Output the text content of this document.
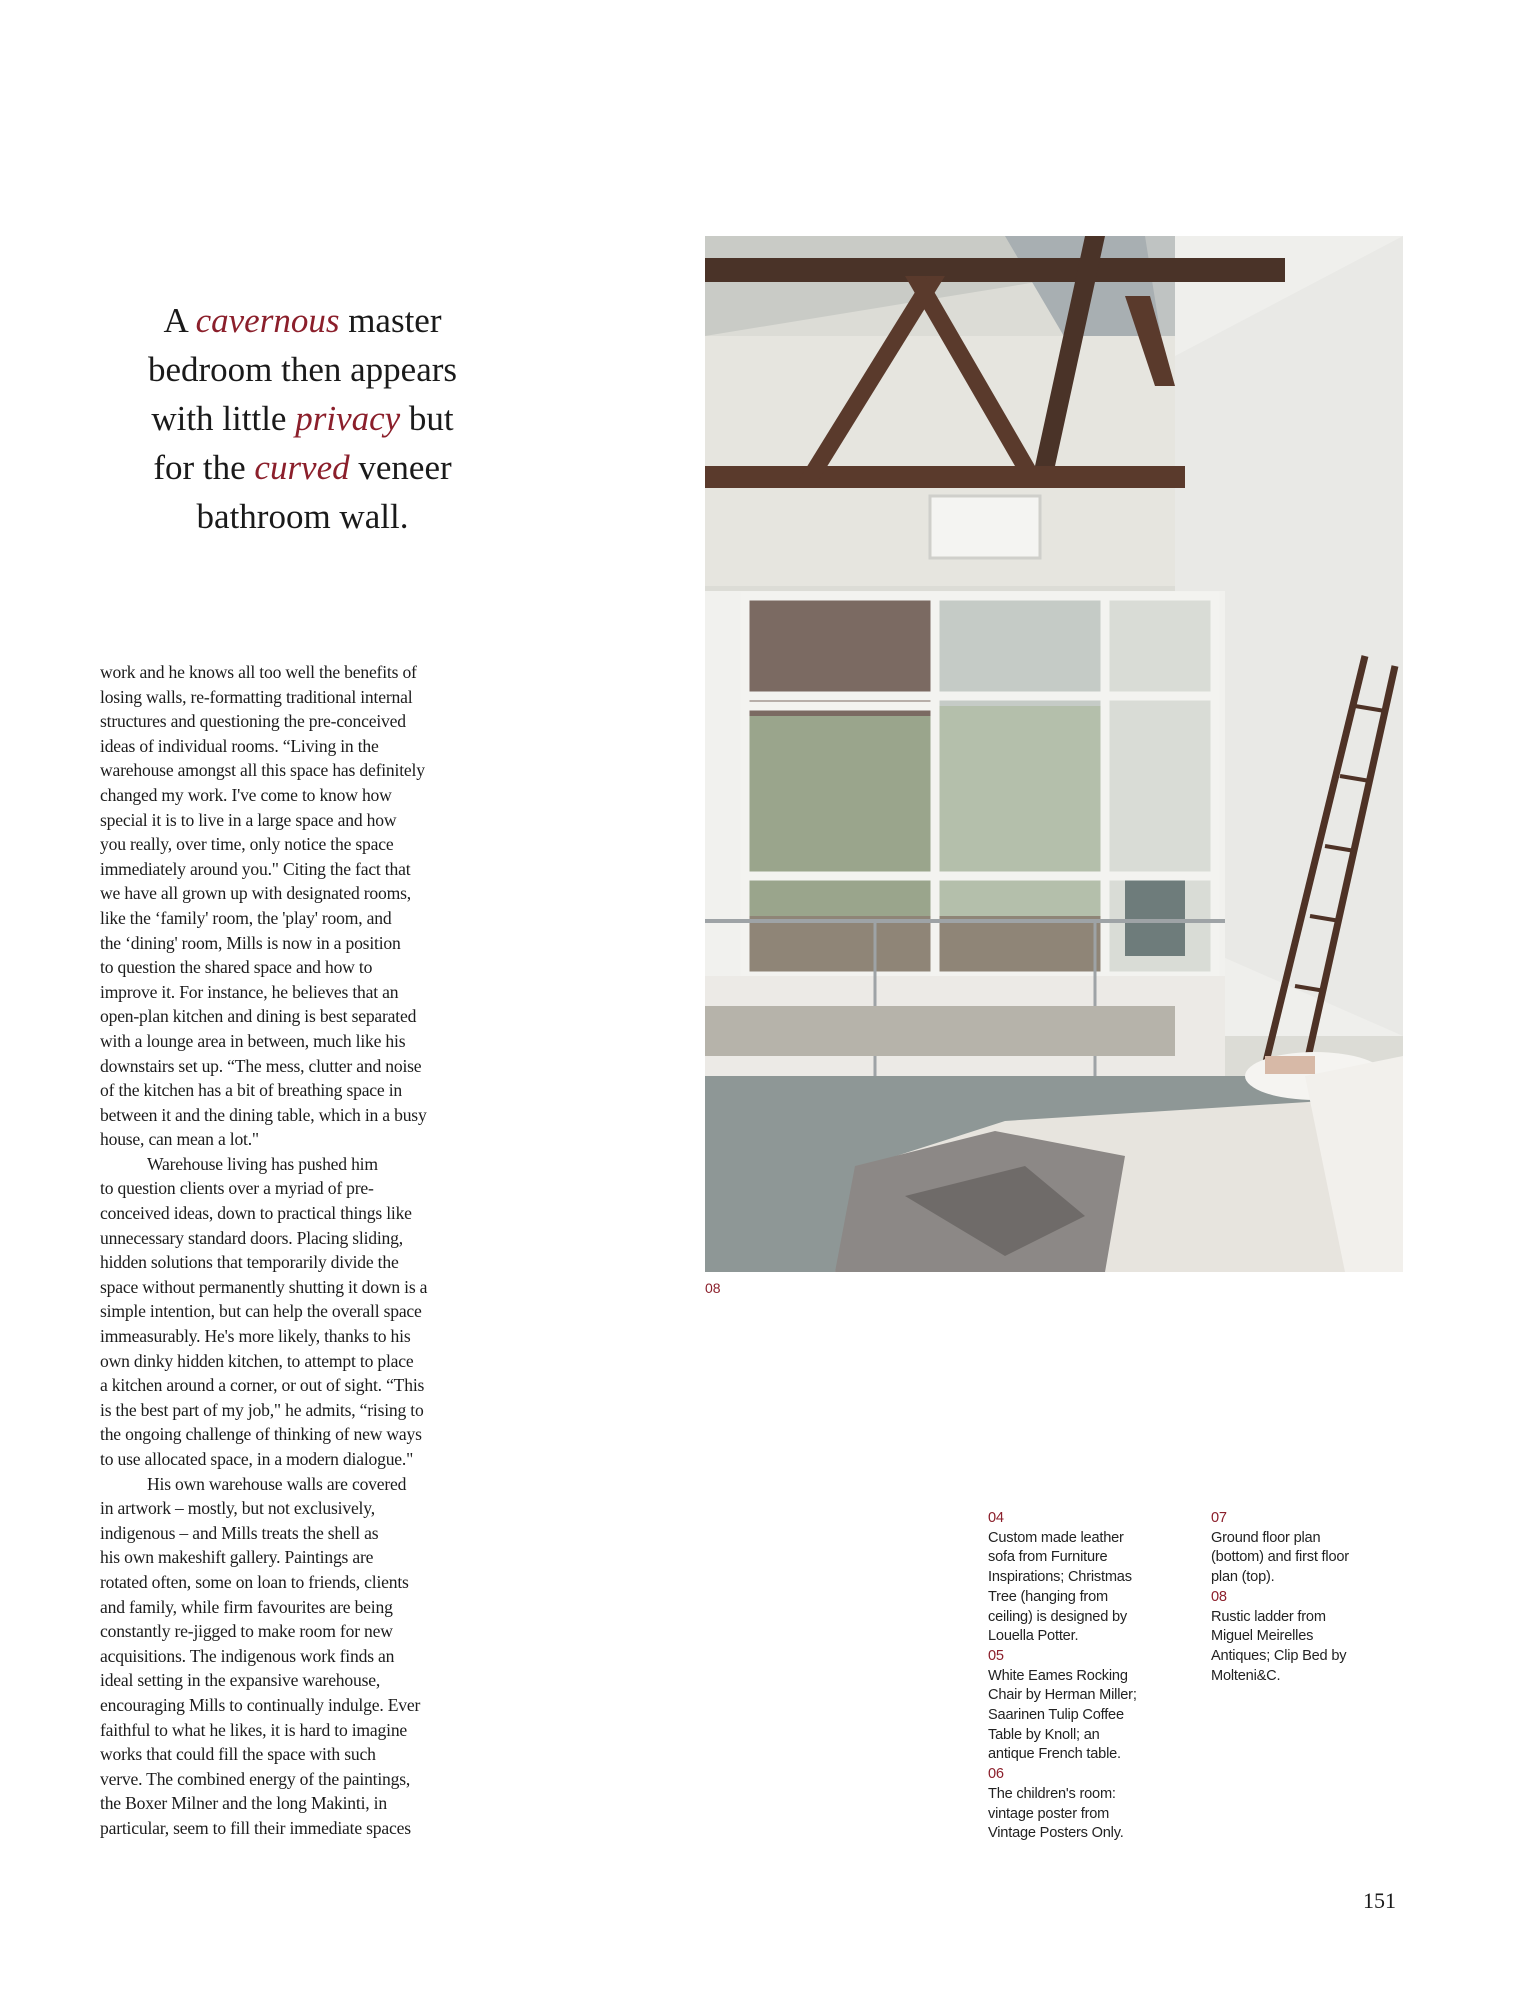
A cavernous master
bedroom then appears
with little privacy but
for the curved veneer
bathroom wall.
work and he knows all too well the benefits of
losing walls, re-formatting traditional internal
structures and questioning the pre-conceived
ideas of individual rooms. “Living in the
warehouse amongst all this space has definitely
changed my work. I've come to know how
special it is to live in a large space and how
you really, over time, only notice the space
immediately around you." Citing the fact that
we have all grown up with designated rooms,
like the ‘family' room, the 'play' room, and
the ‘dining' room, Mills is now in a position
to question the shared space and how to
improve it. For instance, he believes that an
open-plan kitchen and dining is best separated
with a lounge area in between, much like his
downstairs set up. “The mess, clutter and noise
of the kitchen has a bit of breathing space in
between it and the dining table, which in a busy
house, can mean a lot."
Warehouse living has pushed him
to question clients over a myriad of pre-
conceived ideas, down to practical things like
unnecessary standard doors. Placing sliding,
hidden solutions that temporarily divide the
space without permanently shutting it down is a
simple intention, but can help the overall space
immeasurably. He's more likely, thanks to his
own dinky hidden kitchen, to attempt to place
a kitchen around a corner, or out of sight. “This
is the best part of my job," he admits, “rising to
the ongoing challenge of thinking of new ways
to use allocated space, in a modern dialogue."
His own warehouse walls are covered
in artwork – mostly, but not exclusively,
indigenous – and Mills treats the shell as
his own makeshift gallery. Paintings are
rotated often, some on loan to friends, clients
and family, while firm favourites are being
constantly re-jigged to make room for new
acquisitions. The indigenous work finds an
ideal setting in the expansive warehouse,
encouraging Mills to continually indulge. Ever
faithful to what he likes, it is hard to imagine
works that could fill the space with such
verve. The combined energy of the paintings,
the Boxer Milner and the long Makinti, in
particular, seem to fill their immediate spaces
08
04
Custom made leather
sofa from Furniture
Inspirations; Christmas
Tree (hanging from
ceiling) is designed by
Louella Potter.
05
White Eames Rocking
Chair by Herman Miller;
Saarinen Tulip Coffee
Table by Knoll; an
antique French table.
06
The children's room:
vintage poster from
Vintage Posters Only.
07
Ground floor plan
(bottom) and first floor
plan (top).
08
Rustic ladder from
Miguel Meirelles
Antiques; Clip Bed by
Molteni&C.
151
